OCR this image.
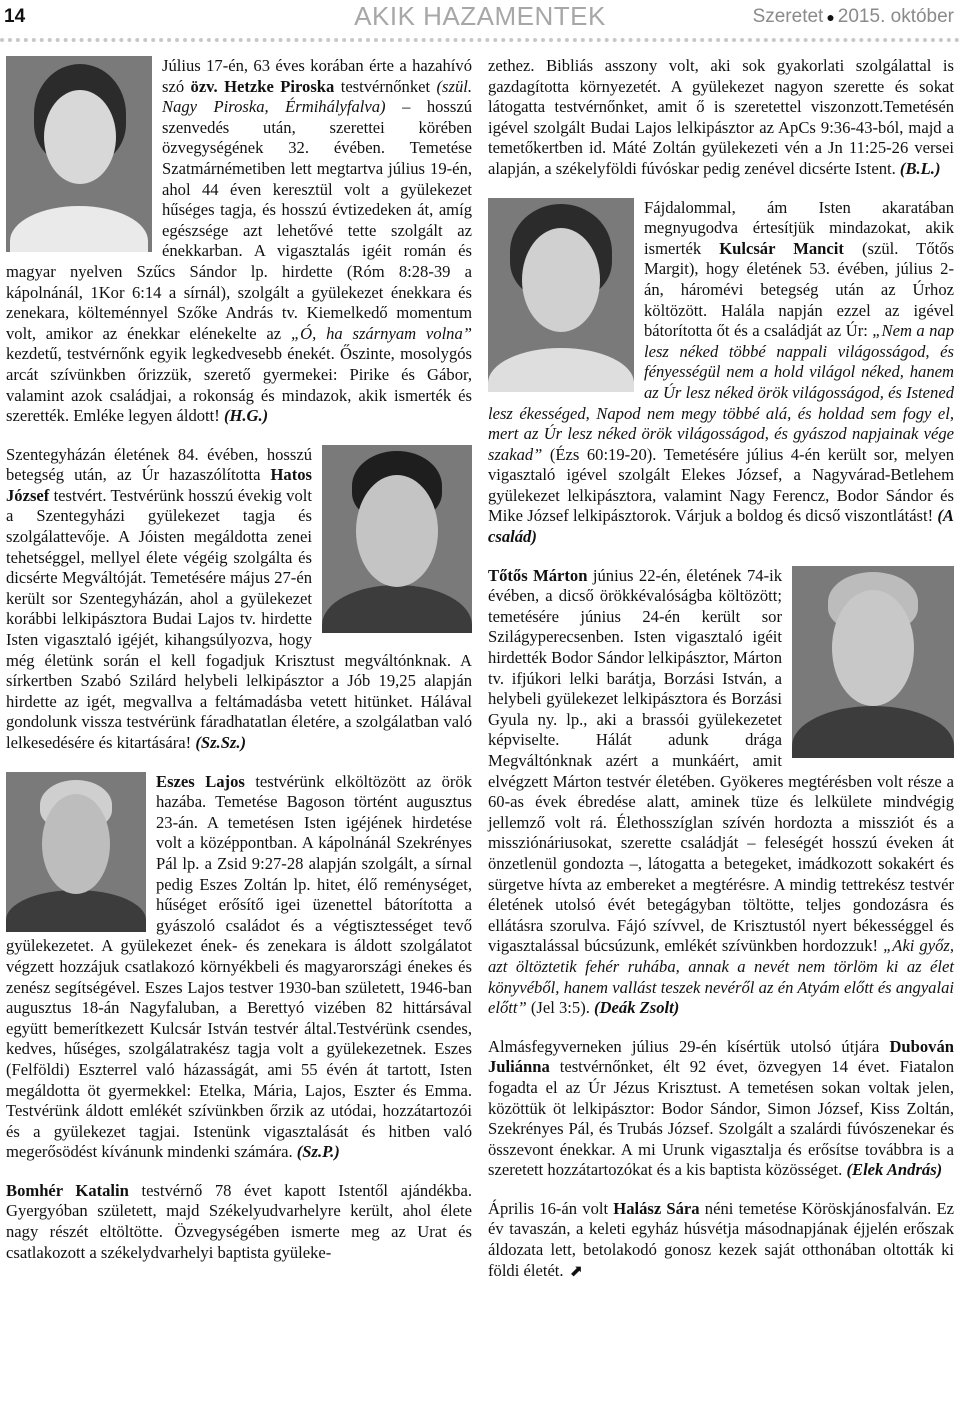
14	AKIK HAZAMENTEK	Szeretet ● 2015. október

Július 17-én, 63 éves korában érte a hazahívó szó özv. Hetzke Piroska testvérnőnket (szül. Nagy Piroska, Érmihályfalva) – hosszú szenvedés után, szerettei körében özvegységének 32. évében. Temetése Szatmárnémetiben lett megtartva július 19-én, ahol 44 éven keresztül volt a gyülekezet hűséges tagja, és hosszú évtizedeken át, amíg egészsége azt lehetővé tette szolgált az énekkarban. A vigasztalás igéit román és magyar nyelven Szűcs Sándor lp. hirdette (Róm 8:28-39 a kápolnánál, 1Kor 6:14 a sírnál), szolgált a gyülekezet énekkara és zenekara, költeménnyel Szőke András tv. Kiemelkedő momentum volt, amikor az énekkar elénekelte az „Ó, ha szárnyam volna” kezdetű, testvérnőnk egyik legkedvesebb énekét. Őszinte, mosolygós arcát szívünkben őrizzük, szerető gyermekei: Pirike és Gábor, valamint azok családjai, a rokonság és mindazok, akik ismerték és szerették. Emléke legyen áldott! (H.G.)

Szentegyházán életének 84. évében, hosszú betegség után, az Úr hazaszólította Hatos József testvért. Testvérünk hosszú évekig volt a Szentegyházi gyülekezet tagja és szolgálattevője. A Jóisten megáldotta zenei tehetséggel, mellyel élete végéig szolgálta és dicsérte Megváltóját. Temetésére május 27-én került sor Szentegyházán, ahol a gyülekezet korábbi lelkipásztora Budai Lajos tv. hirdette Isten vigasztaló igéjét, kihangsúlyozva, hogy még életünk során el kell fogadjuk Krisztust megváltónknak. A sírkertben Szabó Szilárd helybeli lelkipásztor a Jób 19,25 alapján hirdette az igét, megvallva a feltámadásba vetett hitünket. Hálával gondolunk vissza testvérünk fáradhatatlan életére, a szolgálatban való lelkesedésére és kitartására! (Sz.Sz.)

Eszes Lajos testvérünk elköltözött az örök hazába. Temetése Bagoson történt augusztus 23-án. A temetésen Isten igéjének hirdetése volt a középpontban. A kápolnánál Szekrényes Pál lp. a Zsid 9:27-28 alapján szolgált, a sírnal pedig Eszes Zoltán lp. hitet, élő reménységet, hűséget erősítő igei üzenettel bátorította a gyászoló családot és a végtisztességet tevő gyülekezetet. A gyülekezet ének- és zenekara is áldott szolgálatot végzett hozzájuk csatlakozó környékbeli és magyarországi énekes és zenész segítségével. Eszes Lajos testver 1930-ban született, 1946-ban augusztus 18-án Nagyfaluban, a Berettyó vizében 82 hittársával együtt bemerítkezett Kulcsár István testvér által.Testvérünk csendes, kedves, hűséges, szolgálatrakész tagja volt a gyülekezetnek. Eszes (Felföldi) Eszterrel való házasságát, ami 55 évén át tartott, Isten megáldotta öt gyermekkel: Etelka, Mária, Lajos, Eszter és Emma. Testvérünk áldott emlékét szívünkben őrzik az utódai, hozzátartozói és a gyülekezet tagjai. Istenünk vigasztalását és hitben való megerősödést kívánunk mindenki számára. (Sz.P.)

Bomhér Katalin testvérnő 78 évet kapott Istentől ajándékba. Gyergyóban született, majd Székelyudvarhelyre került, ahol élete nagy részét eltöltötte. Özvegységében ismerte meg az Urat és csatlakozott a székelydvarhelyi baptista gyüleke-

zethez. Bibliás asszony volt, aki sok gyakorlati szolgálattal is gazdagította környezetét. A gyülekezet nagyon szerette és sokat látogatta testvérnőnket, amit ő is szeretettel viszonzott.Temetésén igével szolgált Budai Lajos lelkipásztor az ApCs 9:36-43-ból, majd a temetőkertben id. Máté Zoltán gyülekezeti vén a Jn 11:25-26 versei alapján, a székelyföldi fúvóskar pedig zenével dicsérte Istent. (B.L.)

Fájdalommal, ám Isten akaratában megnyugodva értesítjük mindazokat, akik ismerték Kulcsár Mancit (szül. Tőtős Margit), hogy életének 53. évében, július 2-án, háromévi betegség után az Úrhoz költözött. Halála napján ezzel az igével bátorította őt és a családját az Úr: „Nem a nap lesz néked többé nappali világosságod, és fényességül nem a hold világol néked, hanem az Úr lesz néked örök világosságod, és Istened lesz ékességed, Napod nem megy többé alá, és holdad sem fogy el, mert az Úr lesz néked örök világosságod, és gyászod napjainak vége szakad” (Ézs 60:19-20). Temetésére július 4-én került sor, melyen vigasztaló igével szolgált Elekes József, a Nagyvárad-Betlehem gyülekezet lelkipásztora, valamint Nagy Ferencz, Bodor Sándor és Mike József lelkipásztorok. Várjuk a boldog és dicső viszontlátást! (A család)

Tőtős Márton június 22-én, életének 74-ik évében, a dicső örökkévalóságba költözött; temetésére június 24-én került sor Szilágyperecsenben. Isten vigasztaló igéit hirdették Bodor Sándor lelkipásztor, Márton tv. ifjúkori lelki barátja, Borzási István, a helybeli gyülekezet lelkipásztora és Borzási Gyula ny. lp., aki a brassói gyülekezetet képviselte. Hálát adunk drága Megváltónknak azért a munkáért, amit elvégzett Márton testvér életében. Gyökeres megtérésben volt része a 60-as évek ébredése alatt, aminek tüze és lelkülete mindvégig jellemző volt rá. Élethosszíglan szívén hordozta a missziót és a missziónáriusokat, szerette családját – feleségét hosszú éveken át önzetlenül gondozta –, látogatta a betegeket, imádkozott sokakért és sürgetve hívta az embereket a megtérésre. A mindig tettrekész testvér életének utolsó évét betegágyban töltötte, teljes gondozásra és ellátásra szorulva. Fájó szívvel, de Krisztustól nyert békességgel és vigasztalással búcsúzunk, emlékét szívünkben hordozzuk! „Aki győz, azt öltöztetik fehér ruhába, annak a nevét nem törlöm ki az élet könyvéből, hanem vallást teszek nevéről az én Atyám előtt és angyalai előtt” (Jel 3:5). (Deák Zsolt)

Almásfegyverneken július 29-én kísértük utolsó útjára Dubován Juliánna testvérnőnket, élt 92 évet, özvegyen 14 évet. Fiatalon fogadta el az Úr Jézus Krisztust. A temetésen sokan voltak jelen, közöttük öt lelkipásztor: Bodor Sándor, Simon József, Kiss Zoltán, Szekrényes Pál, és Trubás József. Szolgált a szalárdi fúvószenekar és összevont énekkar. A mi Urunk vigasztalja és erősítse továbbra is a szeretett hozzátartozókat és a kis baptista közösséget. (Elek András)

Április 16-án volt Halász Sára néni temetése Köröskjánosfalván. Ez év tavaszán, a keleti egyház húsvétja másodnapjának éjjelén erőszak áldozata lett, betolakodó gonosz kezek saját otthonában oltották ki földi életét. ⬈
